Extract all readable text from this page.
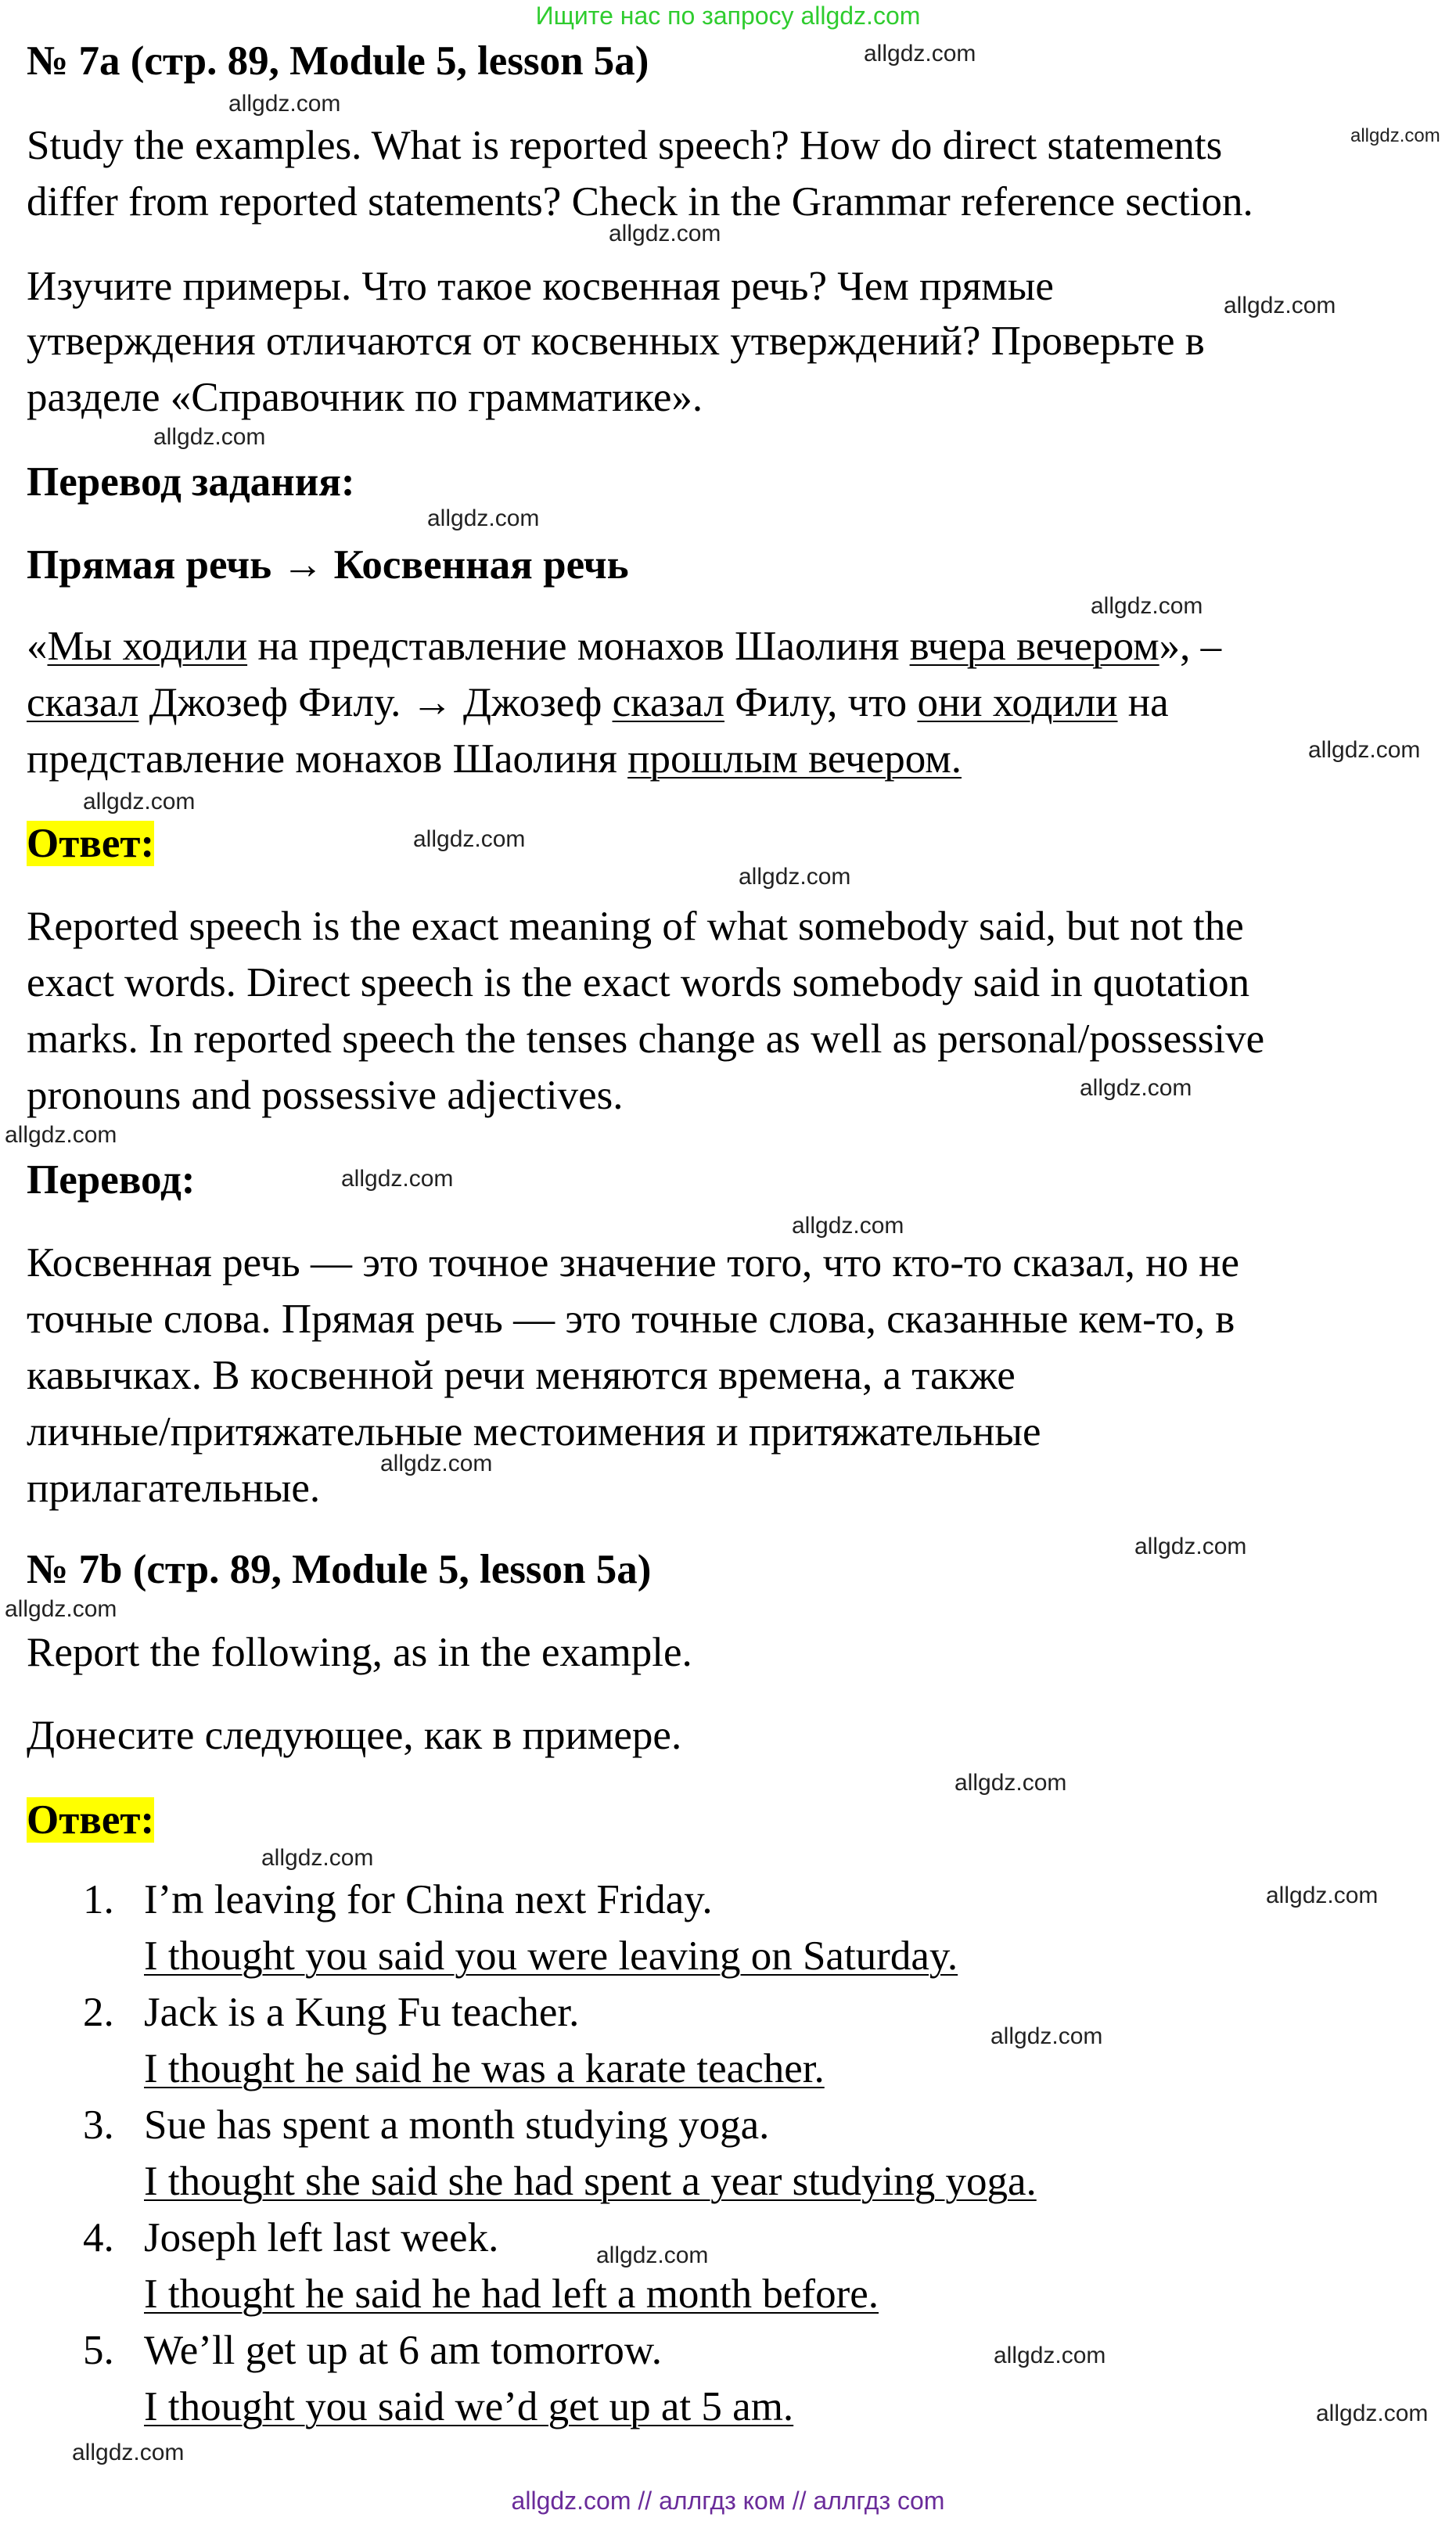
Ищите нас по запросу allgdz.com
№ 7a (стр. 89, Module 5, lesson 5a)
Study the examples. What is reported speech? How do direct statements
differ from reported statements? Check in the Grammar reference section.
Изучите примеры. Что такое косвенная речь? Чем прямые
утверждения отличаются от косвенных утверждений? Проверьте в
разделе «Справочник по грамматике».
Перевод задания:
Прямая речь → Косвенная речь
«Мы ходили на представление монахов Шаолиня вчера вечером», –
сказал Джозеф Филу. → Джозеф сказал Филу, что они ходили на
представление монахов Шаолиня прошлым вечером.
Ответ:
Reported speech is the exact meaning of what somebody said, but not the
exact words. Direct speech is the exact words somebody said in quotation
marks. In reported speech the tenses change as well as personal/possessive
pronouns and possessive adjectives.
Перевод:
Косвенная речь — это точное значение того, что кто-то сказал, но не
точные слова. Прямая речь — это точные слова, сказанные кем-то, в
кавычках. В косвенной речи меняются времена, а также
личные/притяжательные местоимения и притяжательные
прилагательные.
№ 7b (стр. 89, Module 5, lesson 5a)
Report the following, as in the example.
Донесите следующее, как в примере.
Ответ:
1. I’m leaving for China next Friday.
I thought you said you were leaving on Saturday.
2. Jack is a Kung Fu teacher.
I thought he said he was a karate teacher.
3. Sue has spent a month studying yoga.
I thought she said she had spent a year studying yoga.
4. Joseph left last week.
I thought he said he had left a month before.
5. We’ll get up at 6 am tomorrow.
I thought you said we’d get up at 5 am.
allgdz.com
allgdz.com
allgdz.com
allgdz.com
allgdz.com
allgdz.com
allgdz.com
allgdz.com
allgdz.com
allgdz.com
allgdz.com
allgdz.com
allgdz.com
allgdz.com
allgdz.com
allgdz.com
allgdz.com
allgdz.com
allgdz.com
allgdz.com
allgdz.com
allgdz.com
allgdz.com
allgdz.com
allgdz.com
allgdz.com
allgdz.com
allgdz.com // аллгдз ком // аллгдз com
